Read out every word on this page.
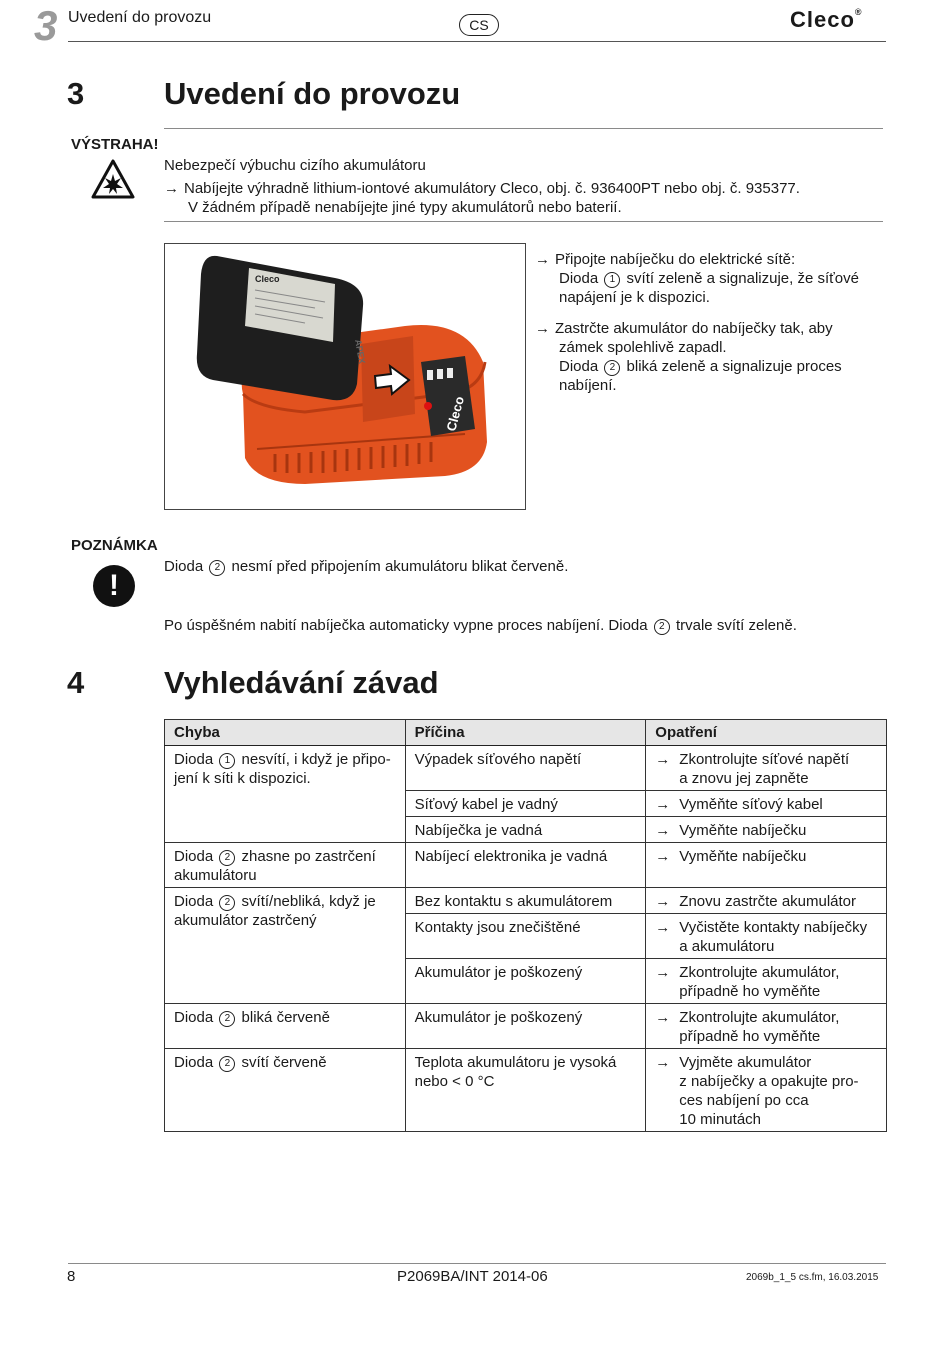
3 Uvedení do provozu	CS	Cleco®
3	Uvedení do provozu
VÝSTRAHA!
Nebezpečí výbuchu cizího akumulátoru
→ Nabíjejte výhradně lithium-iontové akumulátory Cleco, obj. č. 936400PT nebo obj. č. 935377.
V žádném případě nenabíjejte jiné typy akumulátorů nebo baterií.
Cleco
APEX
Cleco
→ Připojte nabíječku do elektrické sítě:
Dioda 1 svítí zeleně a signalizuje, že síťové
napájení je k dispozici.
→ Zastrčte akumulátor do nabíječky tak, aby
zámek spolehlivě zapadl.
Dioda 2 bliká zeleně a signalizuje proces
nabíjení.
POZNÁMKA
!
Dioda 2 nesmí před připojením akumulátoru blikat červeně.
Po úspěšném nabití nabíječka automaticky vypne proces nabíjení. Dioda 2 trvale svítí zeleně.
4	Vyhledávání závad
Chyba	Příčina	Opatření
Dioda 1 nesvítí, i když je připo-
jení k síti k dispozici.	Výpadek síťového napětí	→ Zkontrolujte síťové napětí
a znovu jej zapněte

	Síťový kabel je vadný	→ Vyměňte síťový kabel

	Nabíječka je vadná	→ Vyměňte nabíječku

Dioda 2 zhasne po zastrčení
akumulátoru	Nabíjecí elektronika je vadná	→ Vyměňte nabíječku

Dioda 2 svítí/nebliká, když je
akumulátor zastrčený	Bez kontaktu s akumulátorem	→ Znovu zastrčte akumulátor

	Kontakty jsou znečištěné	→ Vyčistěte kontakty nabíječky
a akumulátoru

	Akumulátor je poškozený	→ Zkontrolujte akumulátor,
případně ho vyměňte

Dioda 2 bliká červeně	Akumulátor je poškozený	→ Zkontrolujte akumulátor,
případně ho vyměňte

Dioda 2 svítí červeně	Teplota akumulátoru je vysoká
nebo < 0 °C	→ Vyjměte akumulátor
z nabíječky a opakujte pro-
ces nabíjení po cca
10 minutách
8	P2069BA/INT 2014-06	2069b_1_5 cs.fm, 16.03.2015
